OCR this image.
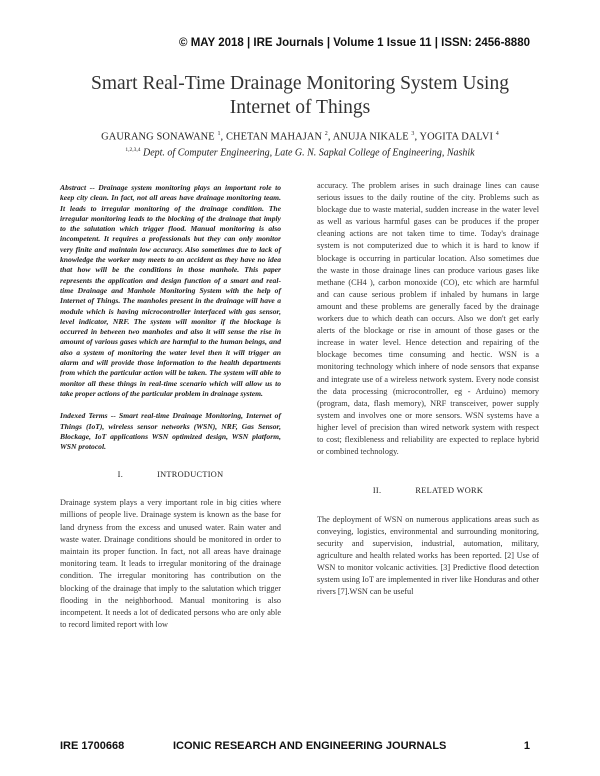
© MAY 2018 | IRE Journals | Volume 1 Issue 11 | ISSN: 2456-8880
Smart Real-Time Drainage Monitoring System Using
Internet of Things
GAURANG SONAWANE $^1$, CHETAN MAHAJAN $^2$, ANUJA NIKALE $^3$, YOGITA DALVI $^4$
$^{1,2,3,4}$ Dept. of Computer Engineering, Late G. N. Sapkal College of Engineering, Nashik

Abstract -- Drainage system monitoring plays an important role to keep city clean. In fact, not all areas have drainage monitoring team. It leads to irregular monitoring of the drainage condition. The irregular monitoring leads to the blocking of the drainage that imply to the salutation which trigger flood. Manual monitoring is also incompetent. It requires a professionals but they can only monitor very finite and maintain low accuracy. Also sometimes due to lack of knowledge the worker may meets to an accident as they have no idea that how will be the conditions in those manhole. This paper represents the application and design function of a smart and real-time Drainage and Manhole Monitoring System with the help of Internet of Things. The manholes present in the drainage will have a module which is having microcontroller interfaced with gas sensor, level indicator, NRF. The system will monitor if the blockage is occurred in between two manholes and also it will sense the rise in amount of various gases which are harmful to the human beings, and also a system of monitoring the water level then it will trigger an alarm and will provide those information to the health departments from which the particular action will be taken. The system will able to monitor all these things in real-time scenario which will allow us to take proper actions of the particular problem in drainage system.

Indexed Terms -- Smart real-time Drainage Monitoring, Internet of Things (IoT), wireless sensor networks (WSN), NRF, Gas Sensor, Blockage, IoT applications WSN optimized design, WSN platform, WSN protocol.

I.	INTRODUCTION

Drainage system plays a very important role in big cities where millions of people live. Drainage system is known as the base for land dryness from the excess and unused water. Rain water and waste water. Drainage conditions should be monitored in order to maintain its proper function. In fact, not all areas have drainage monitoring team. It leads to irregular monitoring of the drainage condition. The irregular monitoring has contribution on the blocking of the drainage that imply to the salutation which trigger flooding in the neighborhood. Manual monitoring is also incompetent. It needs a lot of dedicated persons who are only able to record limited report with low

accuracy. The problem arises in such drainage lines can cause serious issues to the daily routine of the city. Problems such as blockage due to waste material, sudden increase in the water level as well as various harmful gases can be produces if the proper cleaning actions are not taken time to time. Today's drainage system is not computerized due to which it is hard to know if blockage is occurring in particular location. Also sometimes due the waste in those drainage lines can produce various gases like methane (CH4 ), carbon monoxide (CO), etc which are harmful and can cause serious problem if inhaled by humans in large amount and these problems are generally faced by the drainage workers due to which death can occurs. Also we don't get early alerts of the blockage or rise in amount of those gases or the increase in water level. Hence detection and repairing of the blockage becomes time consuming and hectic. WSN is a monitoring technology which inhere of node sensors that expanse and integrate use of a wireless network system. Every node consist the data processing (microcontroller, eg - Arduino) memory (program, data, flash memory), NRF transceiver, power supply system and involves one or more sensors. WSN systems have a higher level of precision than wired network system with respect to cost; flexibleness and reliability are expected to replace hybrid or combined technology.

II.	RELATED WORK

The deployment of WSN on numerous applications areas such as conveying, logistics, environmental and surrounding monitoring, security and supervision, industrial, automation, military, agriculture and health related works has been reported. [2] Use of WSN to monitor volcanic activities. [3] Predictive flood detection system using IoT are implemented in river like Honduras and other rivers [7].WSN can be useful

IRE 1700668	ICONIC RESEARCH AND ENGINEERING JOURNALS	1
